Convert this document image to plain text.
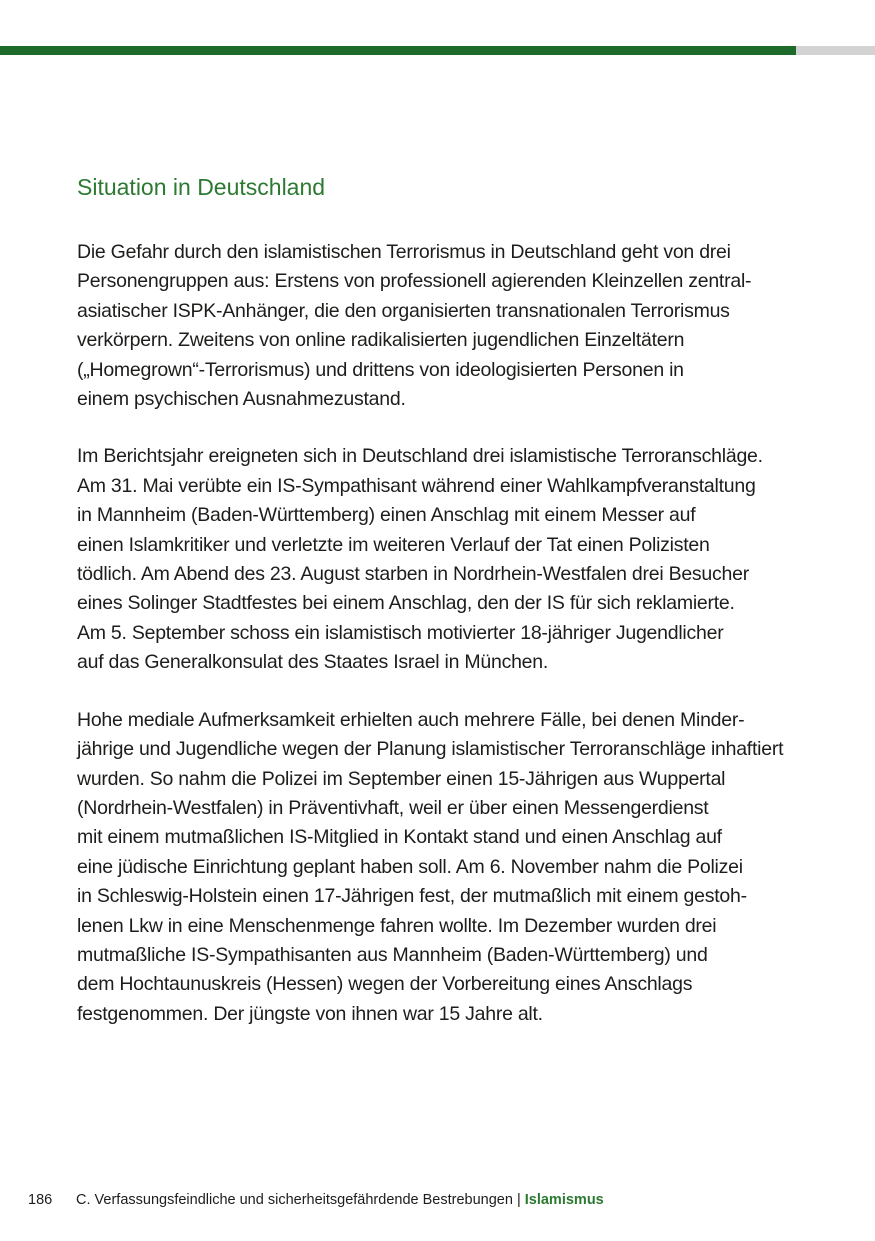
Situation in Deutschland

Die Gefahr durch den islamistischen Terrorismus in Deutschland geht von drei
Personengruppen aus: Erstens von professionell agierenden Kleinzellen zentral-
asiatischer ISPK-Anhänger, die den organisierten transnationalen Terrorismus
verkörpern. Zweitens von online radikalisierten jugendlichen Einzeltätern
(„Homegrown“-Terrorismus) und drittens von ideologisierten Personen in
einem psychischen Ausnahmezustand.

Im Berichtsjahr ereigneten sich in Deutschland drei islamistische Terroranschläge.
Am 31. Mai verübte ein IS-Sympathisant während einer Wahlkampfveranstaltung
in Mannheim (Baden-Württemberg) einen Anschlag mit einem Messer auf
einen Islamkritiker und verletzte im weiteren Verlauf der Tat einen Polizisten
tödlich. Am Abend des 23. August starben in Nordrhein-Westfalen drei Besucher
eines Solinger Stadtfestes bei einem Anschlag, den der IS für sich reklamierte.
Am 5. September schoss ein islamistisch motivierter 18-jähriger Jugendlicher
auf das Generalkonsulat des Staates Israel in München.

Hohe mediale Aufmerksamkeit erhielten auch mehrere Fälle, bei denen Minder-
jährige und Jugendliche wegen der Planung islamistischer Terroranschläge inhaftiert
wurden. So nahm die Polizei im September einen 15-Jährigen aus Wuppertal
(Nordrhein-Westfalen) in Präventivhaft, weil er über einen Messengerdienst
mit einem mutmaßlichen IS-Mitglied in Kontakt stand und einen Anschlag auf
eine jüdische Einrichtung geplant haben soll. Am 6. November nahm die Polizei
in Schleswig-Holstein einen 17-Jährigen fest, der mutmaßlich mit einem gestoh-
lenen Lkw in eine Menschenmenge fahren wollte. Im Dezember wurden drei
mutmaßliche IS-Sympathisanten aus Mannheim (Baden-Württemberg) und
dem Hochtaunuskreis (Hessen) wegen der Vorbereitung eines Anschlags
festgenommen. Der jüngste von ihnen war 15 Jahre alt.

186 C. Verfassungsfeindliche und sicherheitsgefährdende Bestrebungen | Islamismus
